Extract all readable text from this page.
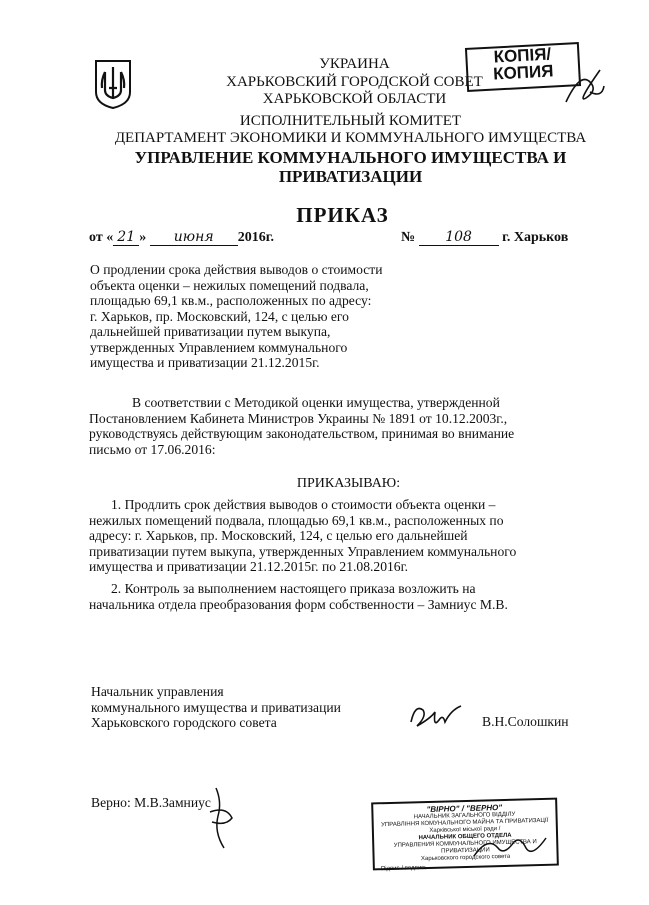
УКРАИНА
ХАРЬКОВСКИЙ ГОРОДСКОЙ СОВЕТ
ХАРЬКОВСКОЙ ОБЛАСТИ
ИСПОЛНИТЕЛЬНЫЙ КОМИТЕТ
ДЕПАРТАМЕНТ ЭКОНОМИКИ И КОММУНАЛЬНОГО ИМУЩЕСТВА
УПРАВЛЕНИЕ КОММУНАЛЬНОГО ИМУЩЕСТВА И
ПРИВАТИЗАЦИИ
КОПІЯ/
КОПИЯ
ПРИКАЗ
от « 21 » июня 2016г.	№ 108 г. Харьков
О продлении срока действия выводов о стоимости
объекта оценки – нежилых помещений подвала,
площадью 69,1 кв.м., расположенных по адресу:
г. Харьков, пр. Московский, 124, с целью его
дальнейшей приватизации путем выкупа,
утвержденных Управлением коммунального
имущества и приватизации 21.12.2015г.
В соответствии с Методикой оценки имущества, утвержденной
Постановлением Кабинета Министров Украины № 1891 от 10.12.2003г.,
руководствуясь действующим законодательством, принимая во внимание
письмо от 17.06.2016:
ПРИКАЗЫВАЮ:
1. Продлить срок действия выводов о стоимости объекта оценки –
нежилых помещений подвала, площадью 69,1 кв.м., расположенных по
адресу: г. Харьков, пр. Московский, 124, с целью его дальнейшей
приватизации путем выкупа, утвержденных Управлением коммунального
имущества и приватизации 21.12.2015г. по 21.08.2016г.
2. Контроль за выполнением настоящего приказа возложить на
начальника отдела преобразования форм собственности – Замниус М.В.
Начальник управления
коммунального имущества и приватизации
Харьковского городского совета	В.Н.Солошкин
Верно: М.В.Замниус	"ВІРНО" / "ВЕРНО"
НАЧАЛЬНИК ЗАГАЛЬНОГО ВІДДІЛУ
УПРАВЛІННЯ КОМУНАЛЬНОГО МАЙНА ТА ПРИВАТИЗАЦІЇ
Харківської міської ради /
НАЧАЛЬНИК ОБЩЕГО ОТДЕЛА
УПРАВЛЕНИЯ КОММУНАЛЬНОГО ИМУЩЕСТВА И ПРИВАТИЗАЦИИ
Харьковского городского совета
Підпис / подпись
